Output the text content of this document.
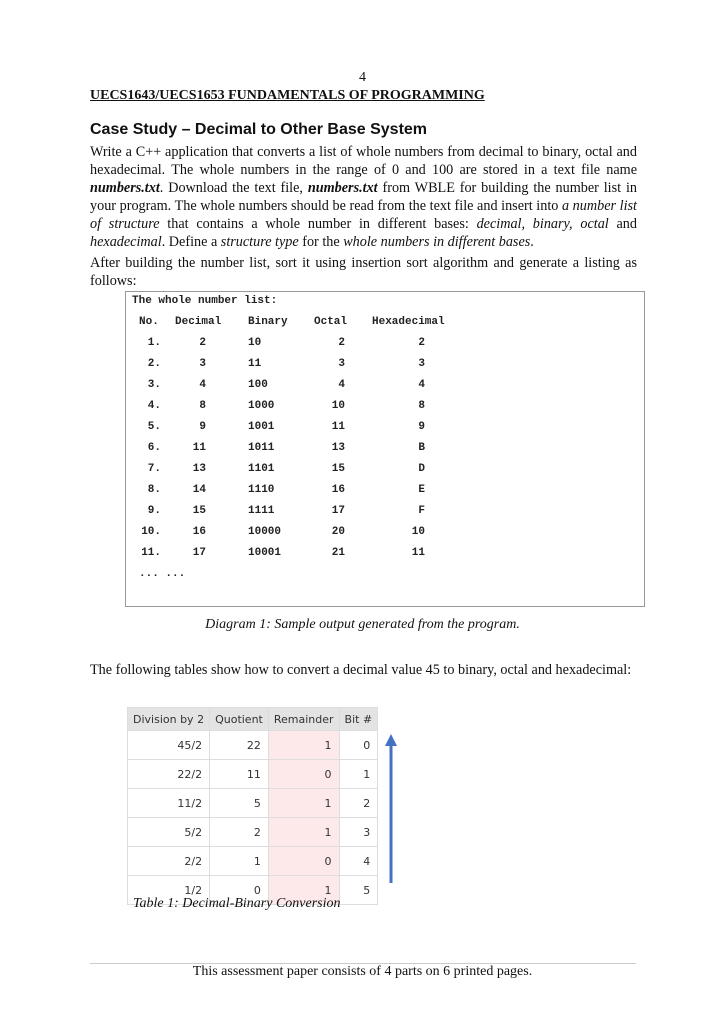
4
UECS1643/UECS1653 FUNDAMENTALS OF PROGRAMMING
Case Study – Decimal to Other Base System
Write a C++ application that converts a list of whole numbers from decimal to binary, octal and hexadecimal. The whole numbers in the range of 0 and 100 are stored in a text file name numbers.txt. Download the text file, numbers.txt from WBLE for building the number list in your program. The whole numbers should be read from the text file and insert into a number list of structure that contains a whole number in different bases: decimal, binary, octal and hexadecimal. Define a structure type for the whole numbers in different bases.
After building the number list, sort it using insertion sort algorithm and generate a listing as follows:
The whole number list:
No. Decimal Binary Octal Hexadecimal
1.	2	10	2	2
2.	3	11	3	3
3.	4	100	4	4
4.	8	1000	10	8
5.	9	1001	11	9
6.	11	1011	13	B
7.	13	1101	15	D
8.	14	1110	16	E
9.	15	1111	17	F
10.	16	10000	20	10
11.	17	10001	21	11
... ...
Diagram 1: Sample output generated from the program.
The following tables show how to convert a decimal value 45 to binary, octal and hexadecimal:
Division by 2	Quotient	Remainder	Bit #
45/2	22	1	0
22/2	11	0	1
11/2	5	1	2
5/2	2	1	3
2/2	1	0	4
1/2	0	1	5
Table 1: Decimal-Binary Conversion
This assessment paper consists of 4 parts on 6 printed pages.
